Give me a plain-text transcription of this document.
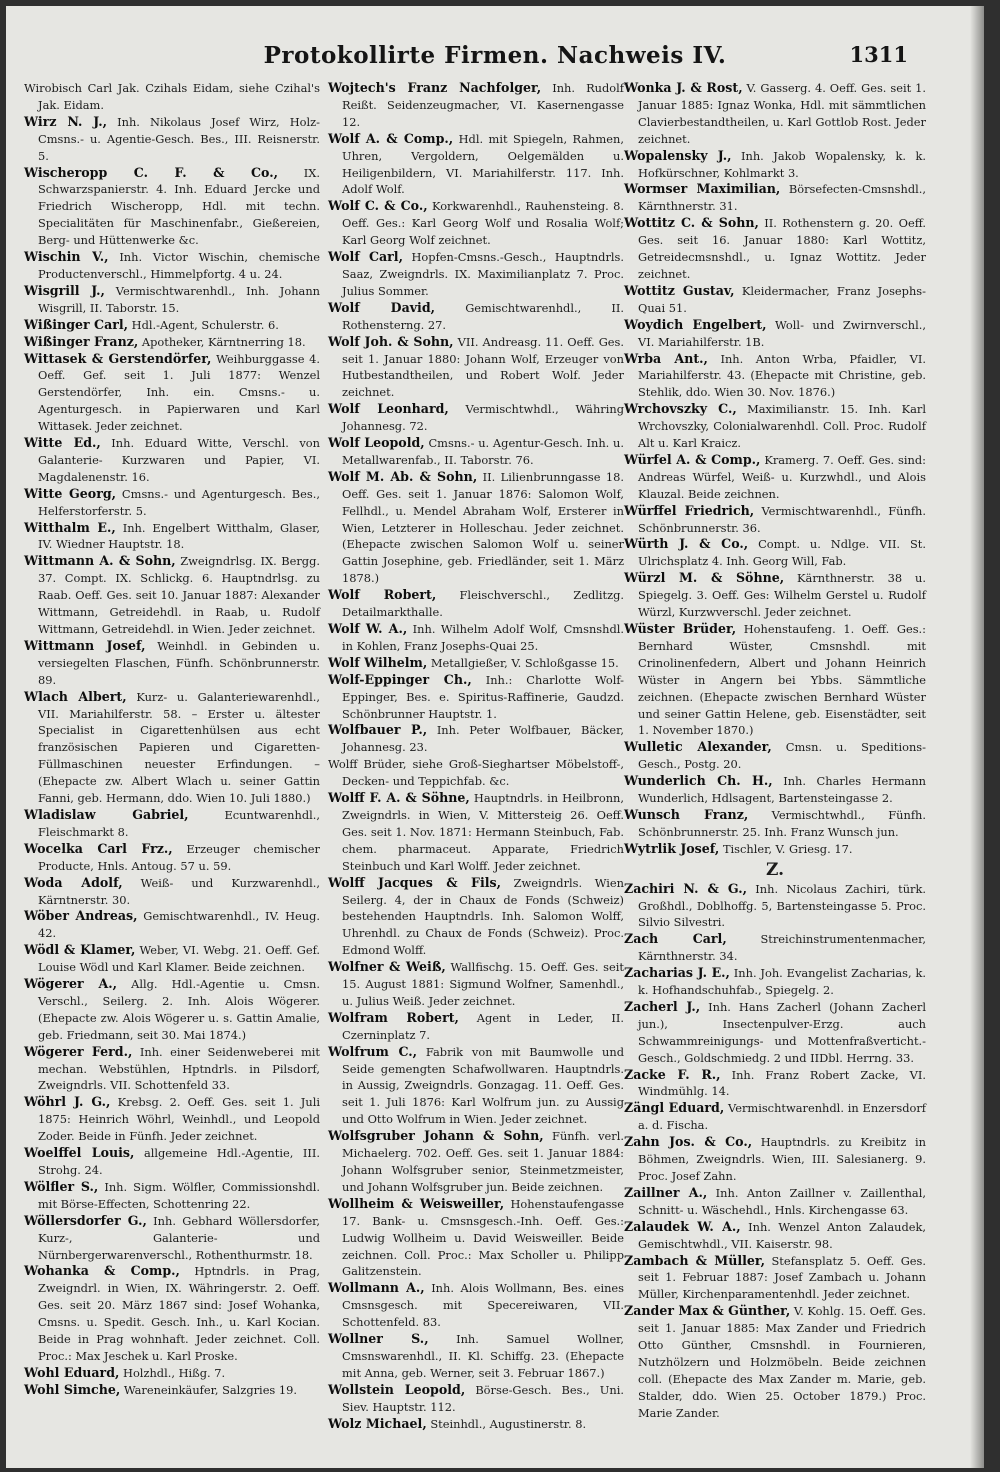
Protokollirte Firmen. Nachweis IV.	1311

Wirobisch Carl Jak. Czihals Eidam, siehe Czihal's Jak. Eidam.

Wirz N. J., Inh. Nikolaus Josef Wirz, Holz-Cmsns.- u. Agentie-Gesch. Bes., III. Reisnerstr. 5.

Wischeropp C. F. & Co., IX. Schwarzspanierstr. 4. Inh. Eduard Jercke und Friedrich Wischeropp, Hdl. mit techn. Specialitäten für Maschinenfabr., Gießereien, Berg- und Hüttenwerke &c.

Wischin V., Inh. Victor Wischin, chemische Productenverschl., Himmelpfortg. 4 u. 24.

Wisgrill J., Vermischtwarenhdl., Inh. Johann Wisgrill, II. Taborstr. 15.

Wißinger Carl, Hdl.-Agent, Schulerstr. 6.

Wißinger Franz, Apotheker, Kärntnerring 18.

Wittasek & Gerstendörfer, Weihburggasse 4. Oeff. Gef. seit 1. Juli 1877: Wenzel Gerstendörfer, Inh. ein. Cmsns.- u. Agenturgesch. in Papierwaren und Karl Wittasek. Jeder zeichnet.

Witte Ed., Inh. Eduard Witte, Verschl. von Galanterie- Kurzwaren und Papier, VI. Magdalenenstr. 16.

Witte Georg, Cmsns.- und Agenturgesch. Bes., Helferstorferstr. 5.

Witthalm E., Inh. Engelbert Witthalm, Glaser, IV. Wiedner Hauptstr. 18.

Wittmann A. & Sohn, Zweigndrlsg. IX. Bergg. 37. Compt. IX. Schlickg. 6. Hauptndrlsg. zu Raab. Oeff. Ges. seit 10. Januar 1887: Alexander Wittmann, Getreidehdl. in Raab, u. Rudolf Wittmann, Getreidehdl. in Wien. Jeder zeichnet.

Wittmann Josef, Weinhdl. in Gebinden u. versiegelten Flaschen, Fünfh. Schönbrunnerstr. 89.

Wlach Albert, Kurz- u. Galanteriewarenhdl., VII. Mariahilferstr. 58. – Erster u. ältester Specialist in Cigarettenhülsen aus echt französischen Papieren und Cigaretten-Füllmaschinen neuester Erfindungen. – (Ehepacte zw. Albert Wlach u. seiner Gattin Fanni, geb. Hermann, ddo. Wien 10. Juli 1880.)

Wladislaw Gabriel,	Ecuntwarenhdl., Fleischmarkt 8.

Wocelka Carl Frz., Erzeuger chemischer Producte, Hnls. Antoug. 57 u. 59.

Woda Adolf, Weiß- und Kurzwarenhdl., Kärntnerstr. 30.

Wöber Andreas, Gemischtwarenhdl., IV. Heug. 42.

Wödl & Klamer, Weber, VI. Webg. 21. Oeff. Gef. Louise Wödl und Karl Klamer. Beide zeichnen.

Wögerer A., Allg. Hdl.-Agentie u. Cmsn. Verschl., Seilerg. 2. Inh. Alois Wögerer. (Ehepacte zw. Alois Wögerer u. s. Gattin Amalie, geb. Friedmann, seit 30. Mai 1874.)

Wögerer Ferd., Inh. einer Seidenweberei mit mechan. Webstühlen, Hptndrls. in Pilsdorf, Zweigndrls. VII. Schottenfeld 33.

Wöhrl J. G., Krebsg. 2. Oeff. Ges. seit 1. Juli 1875: Heinrich Wöhrl, Weinhdl., und Leopold Zoder. Beide in Fünfh. Jeder zeichnet.

Woelffel Louis, allgemeine Hdl.-Agentie, III. Strohg. 24.

Wölfler S., Inh. Sigm. Wölfler, Commissionshdl. mit Börse-Effecten, Schottenring 22.

Wöllersdorfer G., Inh. Gebhard Wöllersdorfer, Kurz-, Galanterie- und Nürnbergerwarenverschl., Rothenthurmstr. 18.

Wohanka & Comp., Hptndrls. in Prag, Zweigndrl. in Wien, IX. Währingerstr. 2. Oeff. Ges. seit 20. März 1867 sind: Josef Wohanka, Cmsns. u. Spedit. Gesch. Inh., u. Karl Kocian. Beide in Prag wohnhaft. Jeder zeichnet. Coll. Proc.: Max Jeschek u. Karl Proske.

Wohl Eduard, Holzhdl., Hißg. 7.

Wohl Simche, Wareneinkäufer, Salzgries 19.

Wojtech's Franz Nachfolger, Inh. Rudolf Reißt. Seidenzeugmacher, VI. Kasernengasse 12.

Wolf A. & Comp., Hdl. mit Spiegeln, Rahmen, Uhren, Vergoldern, Oelgemälden u. Heiligenbildern, VI. Mariahilferstr. 117. Inh. Adolf Wolf.

Wolf C. & Co., Korkwarenhdl., Rauhensteing. 8. Oeff. Ges.: Karl Georg Wolf und Rosalia Wolf; Karl Georg Wolf zeichnet.

Wolf Carl, Hopfen-Cmsns.-Gesch., Hauptndrls. Saaz, Zweigndrls. IX. Maximilianplatz 7. Proc. Julius Sommer.

Wolf David,	Gemischtwarenhdl., II. Rothensterng. 27.

Wolf Joh. & Sohn, VII. Andreasg. 11. Oeff. Ges. seit 1. Januar 1880: Johann Wolf, Erzeuger von Hutbestandtheilen, und Robert Wolf. Jeder zeichnet.

Wolf Leonhard, Vermischtwhdl., Währing Johannesg. 72.

Wolf Leopold, Cmsns.- u. Agentur-Gesch. Inh. u. Metallwarenfab., II. Taborstr. 76.

Wolf M. Ab. & Sohn, II. Lilienbrunngasse 18. Oeff. Ges. seit 1. Januar 1876: Salomon Wolf, Fellhdl., u. Mendel Abraham Wolf, Ersterer in Wien, Letzterer in Holleschau. Jeder zeichnet. (Ehepacte zwischen Salomon Wolf u. seiner Gattin Josephine, geb. Friedländer, seit 1. März 1878.)

Wolf Robert, Fleischverschl., Zedlitzg. Detailmarkthalle.

Wolf W. A., Inh. Wilhelm Adolf Wolf, Cmsnshdl. in Kohlen, Franz Josephs-Quai 25.

Wolf Wilhelm, Metallgießer, V. Schloßgasse 15.

Wolf-Eppinger Ch., Inh.: Charlotte Wolf-Eppinger, Bes. e. Spiritus-Raffinerie, Gaudzd. Schönbrunner Hauptstr. 1.

Wolfbauer P., Inh. Peter Wolfbauer, Bäcker, Johannesg. 23.

Wolff Brüder, siehe Groß-Sieghartser Möbelstoff-, Decken- und Teppichfab. &c.

Wolff F. A. & Söhne, Hauptndrls. in Heilbronn, Zweigndrls. in Wien, V. Mittersteig 26. Oeff. Ges. seit 1. Nov. 1871: Hermann Steinbuch, Fab. chem. pharmaceut. Apparate, Friedrich Steinbuch und Karl Wolff. Jeder zeichnet.

Wolff Jacques & Fils, Zweigndrls. Wien Seilerg. 4, der in Chaux de Fonds (Schweiz) bestehenden Hauptndrls. Inh. Salomon Wolff, Uhrenhdl. zu Chaux de Fonds (Schweiz). Proc. Edmond Wolff.

Wolfner & Weiß, Wallfischg. 15. Oeff. Ges. seit 15. August 1881: Sigmund Wolfner, Samenhdl., u. Julius Weiß. Jeder zeichnet.

Wolfram Robert, Agent in Leder, II. Czerninplatz 7.

Wolfrum C., Fabrik von mit Baumwolle und Seide gemengten Schafwollwaren. Hauptndrls. in Aussig, Zweigndrls. Gonzagag. 11. Oeff. Ges. seit 1. Juli 1876: Karl Wolfrum jun. zu Aussig und Otto Wolfrum in Wien. Jeder zeichnet.

Wolfsgruber Johann & Sohn, Fünfh. verl. Michaelerg. 702. Oeff. Ges. seit 1. Januar 1884: Johann Wolfsgruber senior, Steinmetzmeister, und Johann Wolfsgruber jun. Beide zeichnen.

Wollheim & Weisweiller, Hohenstaufengasse 17. Bank- u. Cmsnsgesch.-Inh. Oeff. Ges.: Ludwig Wollheim u. David Weisweiller. Beide zeichnen. Coll. Proc.: Max Scholler u. Philipp Galitzenstein.

Wollmann A., Inh. Alois Wollmann, Bes. eines Cmsnsgesch. mit Specereiwaren, VII. Schottenfeld. 83.

Wollner S., Inh. Samuel Wollner, Cmsnswarenhdl., II. Kl. Schiffg. 23. (Ehepacte mit Anna, geb. Werner, seit 3. Februar 1867.)

Wollstein Leopold, Börse-Gesch. Bes., Uni. Siev. Hauptstr. 112.

Wolz Michael, Steinhdl., Augustinerstr. 8.

Wonka J. & Rost, V. Gasserg. 4. Oeff. Ges. seit 1. Januar 1885: Ignaz Wonka, Hdl. mit sämmtlichen Clavierbestandtheilen, u. Karl Gottlob Rost. Jeder zeichnet.

Wopalensky J., Inh. Jakob Wopalensky, k. k. Hofkürschner, Kohlmarkt 3.

Wormser Maximilian, Börsefecten-Cmsnshdl., Kärnthnerstr. 31.

Wottitz C. & Sohn, II. Rothenstern g. 20. Oeff. Ges. seit 16. Januar 1880: Karl Wottitz, Getreidecmsnshdl., u. Ignaz Wottitz. Jeder zeichnet.

Wottitz Gustav, Kleidermacher, Franz Josephs-Quai 51.

Woydich Engelbert, Woll- und Zwirnverschl., VI. Mariahilferstr. 1B.

Wrba Ant., Inh. Anton Wrba, Pfaidler, VI. Mariahilferstr. 43. (Ehepacte mit Christine, geb. Stehlik, ddo. Wien 30. Nov. 1876.)

Wrchovszky C., Maximilianstr. 15. Inh. Karl Wrchovszky, Colonialwarenhdl. Coll. Proc. Rudolf Alt u. Karl Kraicz.

Würfel A. & Comp., Kramerg. 7. Oeff. Ges. sind: Andreas Würfel, Weiß- u. Kurzwhdl., und Alois Klauzal. Beide zeichnen.

Würffel Friedrich, Vermischtwarenhdl., Fünfh. Schönbrunnerstr. 36.

Würth J. & Co., Compt. u. Ndlge. VII. St. Ulrichsplatz 4. Inh. Georg Will, Fab.

Würzl M. & Söhne, Kärnthnerstr. 38 u. Spiegelg. 3. Oeff. Ges: Wilhelm Gerstel u. Rudolf Würzl, Kurzwverschl. Jeder zeichnet.

Wüster Brüder, Hohenstaufeng. 1. Oeff. Ges.: Bernhard Wüster, Cmsnshdl. mit Crinolinenfedern, Albert und Johann Heinrich Wüster in Angern bei Ybbs. Sämmtliche zeichnen. (Ehepacte zwischen Bernhard Wüster und seiner Gattin Helene, geb. Eisenstädter, seit 1. November 1870.)

Wulletic Alexander, Cmsn. u. Speditions-Gesch., Postg. 20.

Wunderlich Ch. H., Inh. Charles Hermann Wunderlich, Hdlsagent, Bartensteingasse 2.

Wunsch Franz, Vermischtwhdl., Fünfh. Schönbrunnerstr. 25. Inh. Franz Wunsch jun.

Wytrlik Josef, Tischler, V. Griesg. 17.

Z.

Zachiri N. & G., Inh. Nicolaus Zachiri, türk. Großhdl., Doblhoffg. 5, Bartensteingasse 5. Proc. Silvio Silvestri.

Zach Carl,	Streichinstrumentenmacher, Kärnthnerstr. 34.

Zacharias J. E., Inh. Joh. Evangelist Zacharias, k. k. Hofhandschuhfab., Spiegelg. 2.

Zacherl J., Inh. Hans Zacherl (Johann Zacherl jun.), Insectenpulver-Erzg. auch Schwammreinigungs- und Mottenfraßverticht.-Gesch., Goldschmiedg. 2 und IIDbl. Herrng. 33.

Zacke F. R., Inh. Franz Robert Zacke, VI. Windmühlg. 14.

Zängl Eduard, Vermischtwarenhdl. in Enzersdorf a. d. Fischa.

Zahn Jos. & Co., Hauptndrls. zu Kreibitz in Böhmen, Zweigndrls. Wien, III. Salesianerg. 9. Proc. Josef Zahn.

Zaillner A., Inh. Anton Zaillner v. Zaillenthal, Schnitt- u. Wäschehdl., Hnls. Kirchengasse 63.

Zalaudek W. A., Inh. Wenzel Anton Zalaudek, Gemischtwhdl., VII. Kaiserstr. 98.

Zambach & Müller, Stefansplatz 5. Oeff. Ges. seit 1. Februar 1887: Josef Zambach u. Johann Müller, Kirchenparamentenhdl. Jeder zeichnet.

Zander Max & Günther, V. Kohlg. 15. Oeff. Ges. seit 1. Januar 1885: Max Zander und Friedrich Otto Günther, Cmsnshdl. in Fournieren, Nutzhölzern und Holzmöbeln. Beide zeichnen coll. (Ehepacte des Max Zander m. Marie, geb. Stalder, ddo. Wien 25. October 1879.) Proc. Marie Zander.
